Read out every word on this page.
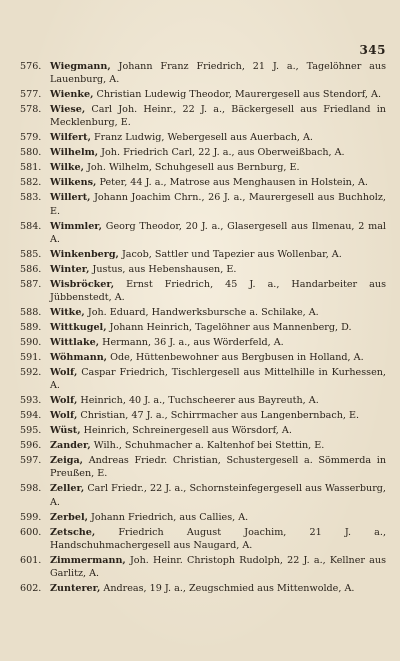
345
576. Wiegmann, Johann Franz Friedrich, 21 J. a., Tagelöhner aus Lauenburg, A.
577. Wienke, Christian Ludewig Theodor, Maurergesell aus Stendorf, A.
578. Wiese, Carl Joh. Heinr., 22 J. a., Bäckergesell aus Friedland in Mecklenburg, E.
579. Wilfert, Franz Ludwig, Webergesell aus Auerbach, A.
580. Wilhelm, Joh. Friedrich Carl, 22 J. a., aus Oberweißbach, A.
581. Wilke, Joh. Wilhelm, Schuhgesell aus Bernburg, E.
582. Wilkens, Peter, 44 J. a., Matrose aus Menghausen in Holstein, A.
583. Willert, Johann Joachim Chrn., 26 J. a., Maurergesell aus Buchholz, E.
584. Wimmler, Georg Theodor, 20 J. a., Glasergesell aus Ilmenau, 2 mal A.
585. Winkenberg, Jacob, Sattler und Tapezier aus Wollenbar, A.
586. Winter, Justus, aus Hebenshausen, E.
587. Wisbröcker, Ernst Friedrich, 45 J. a., Handarbeiter aus Jübbenstedt, A.
588. Witke, Joh. Eduard, Handwerksbursche a. Schilake, A.
589. Wittkugel, Johann Heinrich, Tagelöhner aus Mannenberg, D.
590. Wittlake, Hermann, 36 J. a., aus Wörderfeld, A.
591. Wöhmann, Ode, Hüttenbewohner aus Bergbusen in Holland, A.
592. Wolf, Caspar Friedrich, Tischlergesell aus Mittelhille in Kurhessen, A.
593. Wolf, Heinrich, 40 J. a., Tuchscheerer aus Bayreuth, A.
594. Wolf, Christian, 47 J. a., Schirrmacher aus Langenbernbach, E.
595. Wüst, Heinrich, Schreinergesell aus Wörsdorf, A.
596. Zander, Wilh., Schuhmacher a. Kaltenhof bei Stettin, E.
597. Zeiga, Andreas Friedr. Christian, Schustergesell a. Sömmerda in Preußen, E.
598. Zeller, Carl Friedr., 22 J. a., Schornsteinfegergesell aus Wasserburg, A.
599. Zerbel, Johann Friedrich, aus Callies, A.
600. Zetsche, Friedrich August Joachim, 21 J. a., Handschuhmachergesell aus Naugard, A.
601. Zimmermann, Joh. Heinr. Christoph Rudolph, 22 J. a., Kellner aus Garlitz, A.
602. Zunterer, Andreas, 19 J. a., Zeugschmied aus Mittenwolde, A.
